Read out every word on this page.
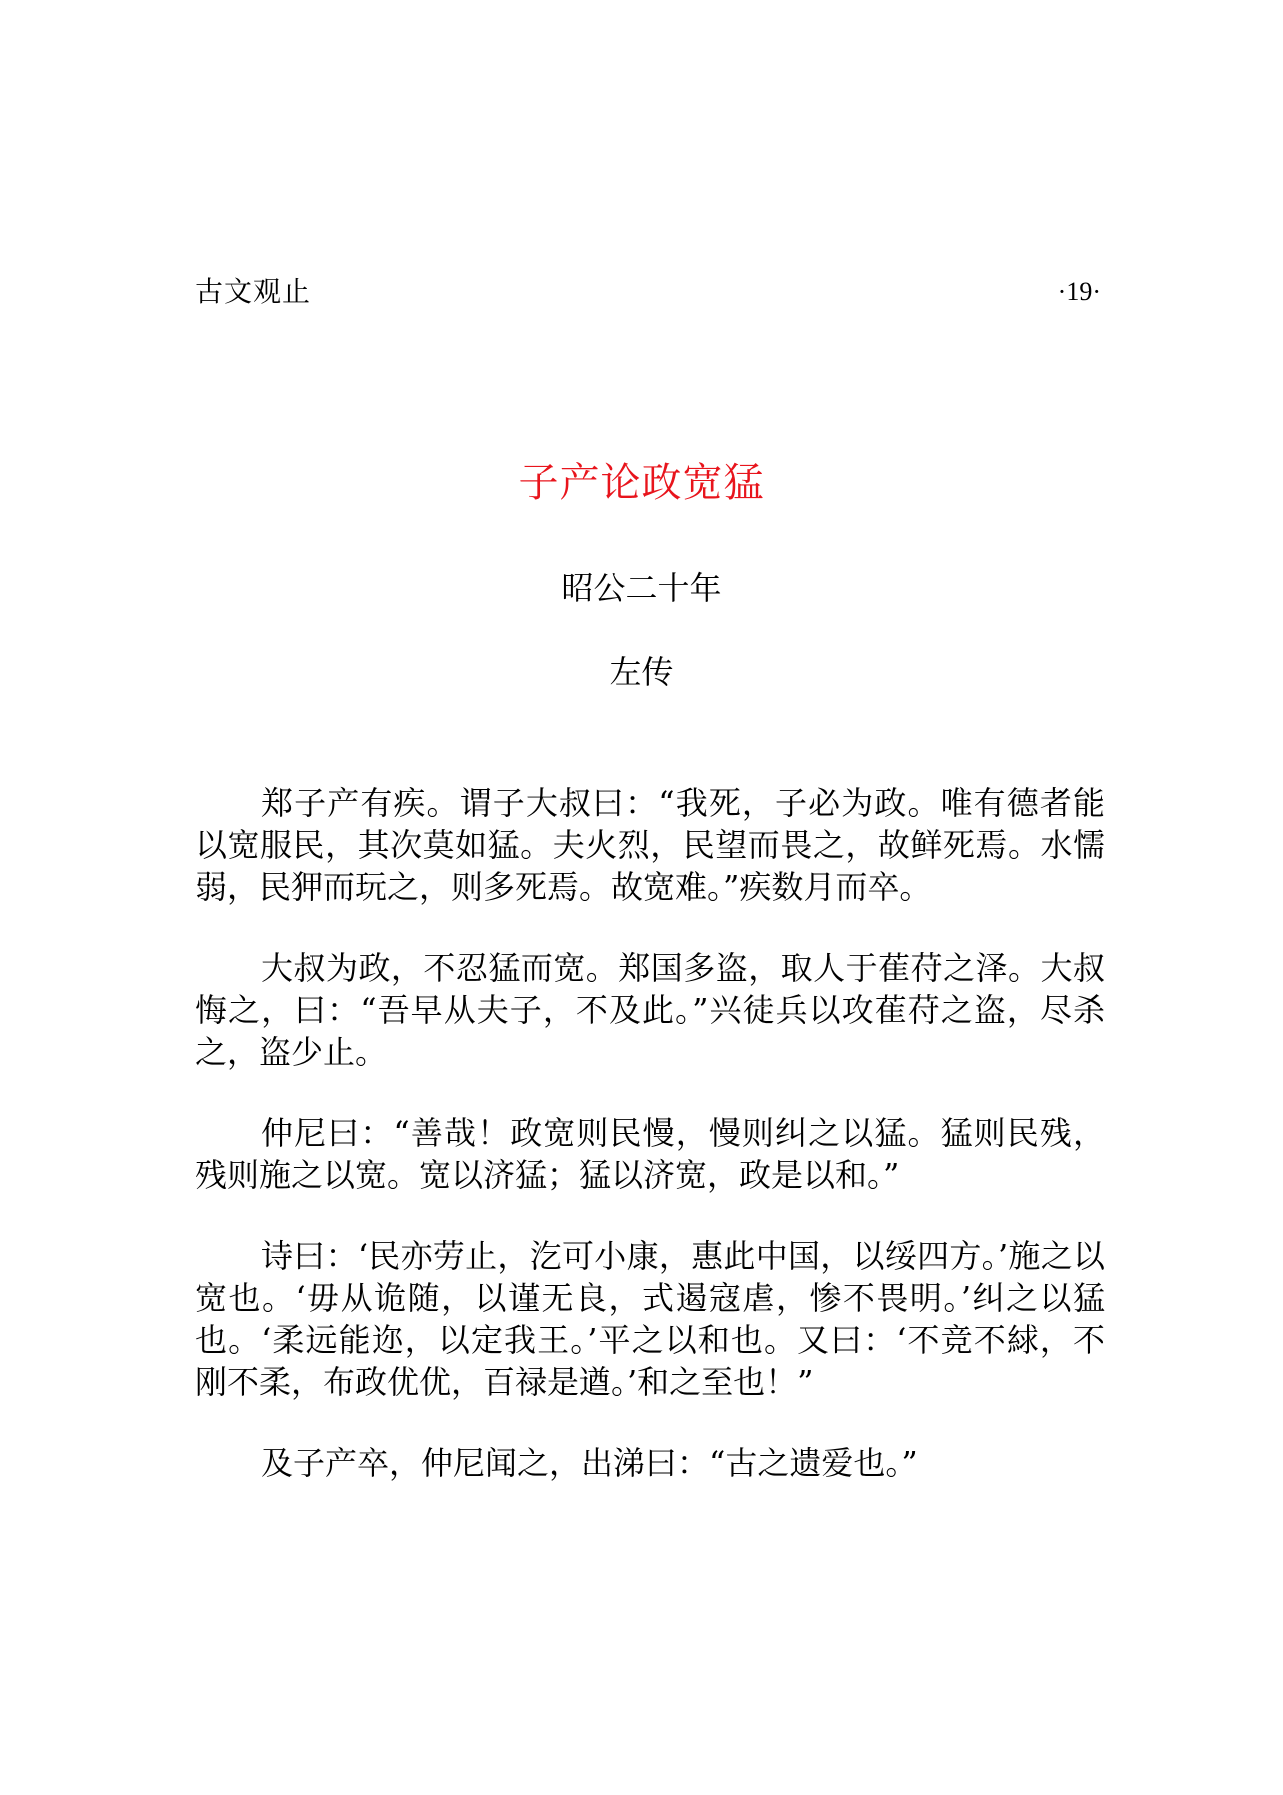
古文观止	·19·
子产论政宽猛
昭公二十年
左传

郑子产有疾。谓子大叔曰：“我死，子必为政。唯有德者能以宽服民，其次莫如猛。夫火烈，民望而畏之，故鲜死焉。水懦弱，民狎而玩之，则多死焉。故宽难。”疾数月而卒。

大叔为政，不忍猛而宽。郑国多盗，取人于萑苻之泽。大叔悔之，曰：“吾早从夫子，不及此。”兴徒兵以攻萑苻之盗，尽杀之，盗少止。

仲尼曰：“善哉！政宽则民慢，慢则纠之以猛。猛则民残，残则施之以宽。宽以济猛；猛以济宽，政是以和。”

诗曰：‘民亦劳止，汔可小康，惠此中国，以绥四方。’施之以宽也。‘毋从诡随，以谨无良，式遏寇虐，惨不畏明。’纠之以猛也。‘柔远能迩，以定我王。’平之以和也。又曰：‘不竞不絿，不刚不柔，布政优优，百禄是遒。’和之至也！”

及子产卒，仲尼闻之，出涕曰：“古之遗爱也。”
